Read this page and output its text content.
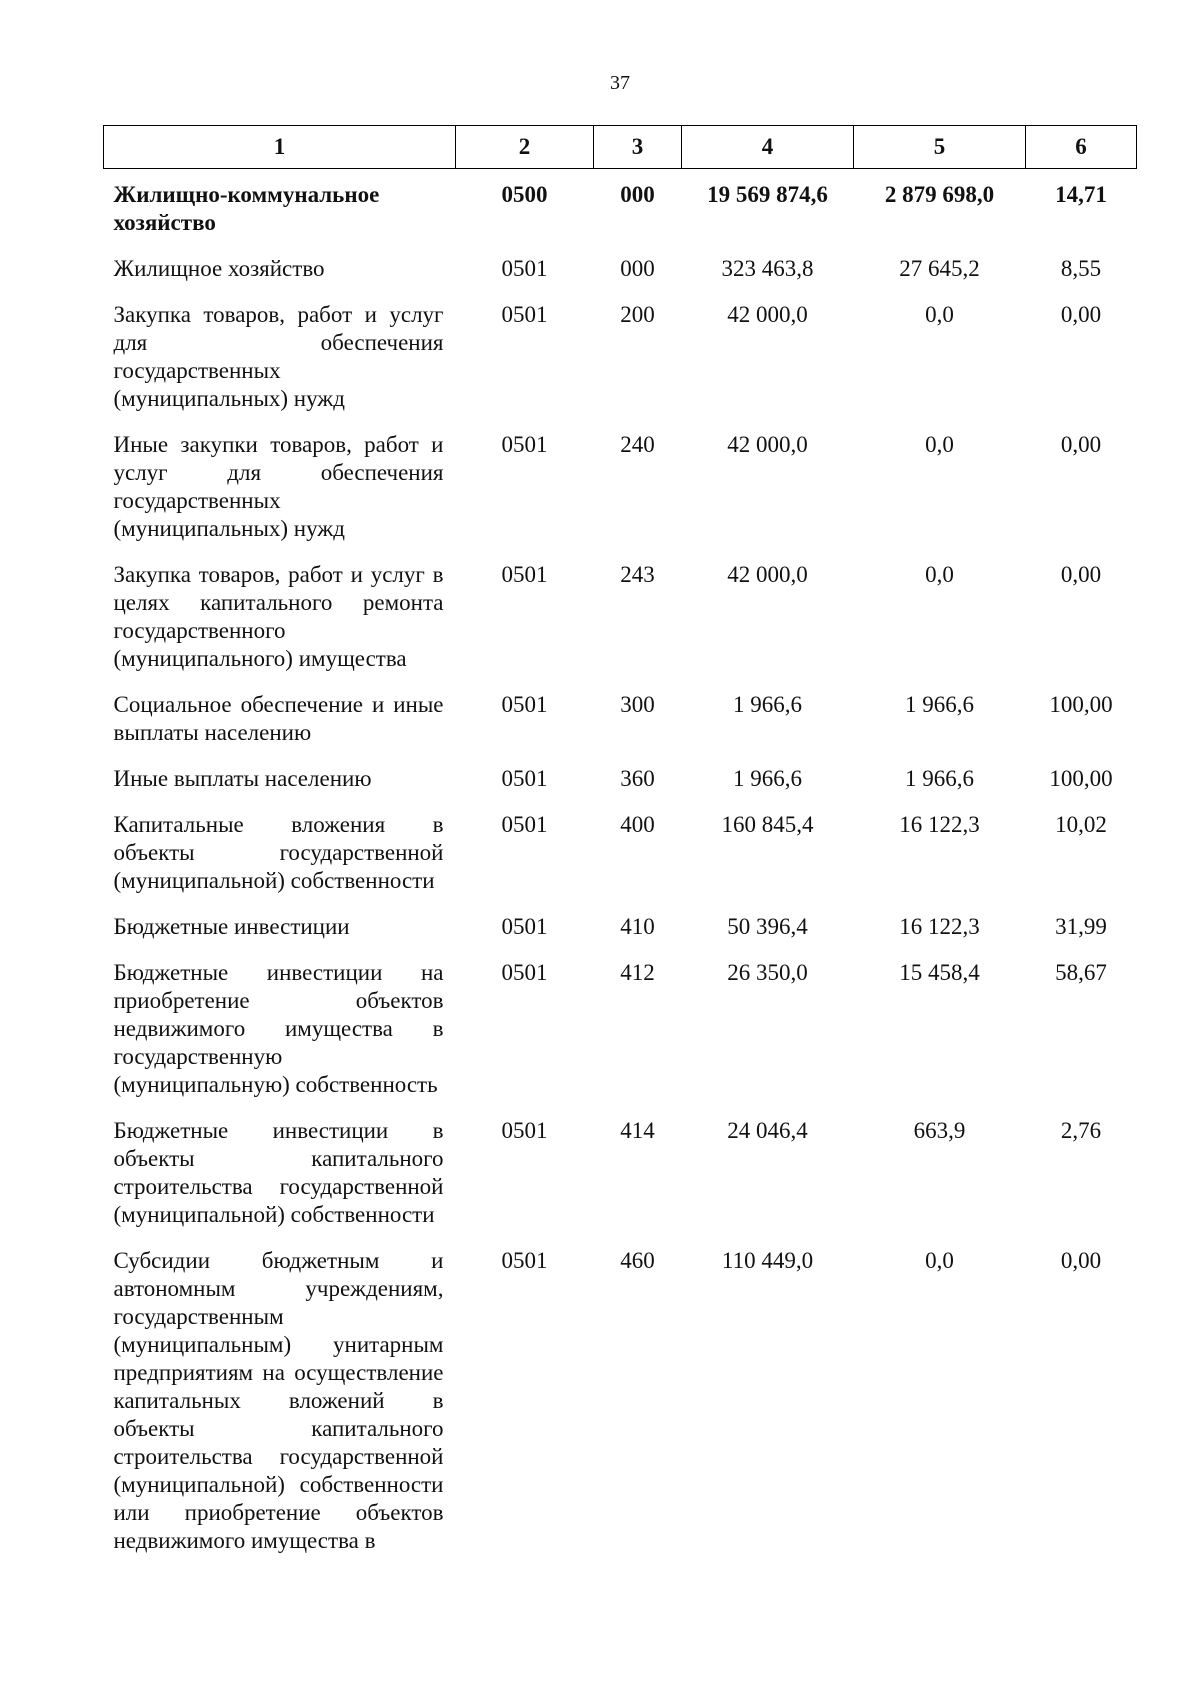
37
1	2	3	4	5	6
Жилищно-коммунальное хозяйство	0500	000	19 569 874,6	2 879 698,0	14,71
Жилищное хозяйство	0501	000	323 463,8	27 645,2	8,55
Закупка товаров, работ и услуг для обеспечения государственных (муниципальных) нужд	0501	200	42 000,0	0,0	0,00
Иные закупки товаров, работ и услуг для обеспечения государственных (муниципальных) нужд	0501	240	42 000,0	0,0	0,00
Закупка товаров, работ и услуг в целях капитального ремонта государственного (муниципального) имущества	0501	243	42 000,0	0,0	0,00
Социальное обеспечение и иные выплаты населению	0501	300	1 966,6	1 966,6	100,00
Иные выплаты населению	0501	360	1 966,6	1 966,6	100,00
Капитальные вложения в объекты государственной (муниципальной) собственности	0501	400	160 845,4	16 122,3	10,02
Бюджетные инвестиции	0501	410	50 396,4	16 122,3	31,99
Бюджетные инвестиции на приобретение объектов недвижимого имущества в государственную (муниципальную) собственность	0501	412	26 350,0	15 458,4	58,67
Бюджетные инвестиции в объекты капитального строительства государственной (муниципальной) собственности	0501	414	24 046,4	663,9	2,76
Субсидии бюджетным и автономным учреждениям, государственным (муниципальным) унитарным предприятиям на осуществление капитальных вложений в объекты капитального строительства государственной (муниципальной) собственности или приобретение объектов недвижимого имущества в	0501	460	110 449,0	0,0	0,00
